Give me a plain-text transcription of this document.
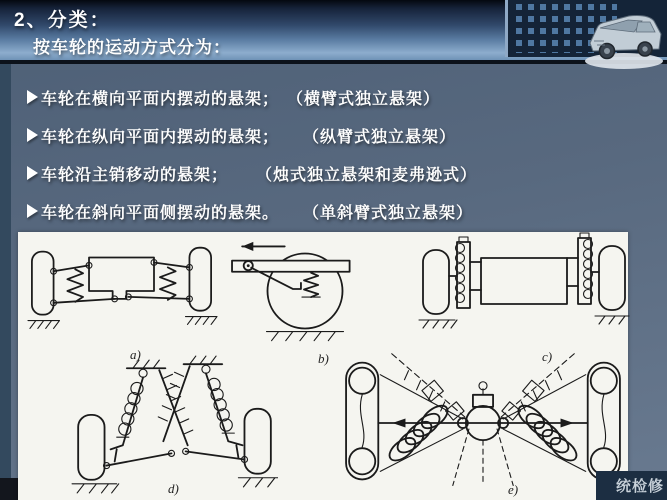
2、分类：
按车轮的运动方式分为：
车轮在横向平面内摆动的悬架； （横臂式独立悬架）
车轮在纵向平面内摆动的悬架； （纵臂式独立悬架）
车轮沿主销移动的悬架； （烛式独立悬架和麦弗逊式）
车轮在斜向平面侧摆动的悬架。 （单斜臂式独立悬架）
a)	b)	c)
d)	e)	统检修
